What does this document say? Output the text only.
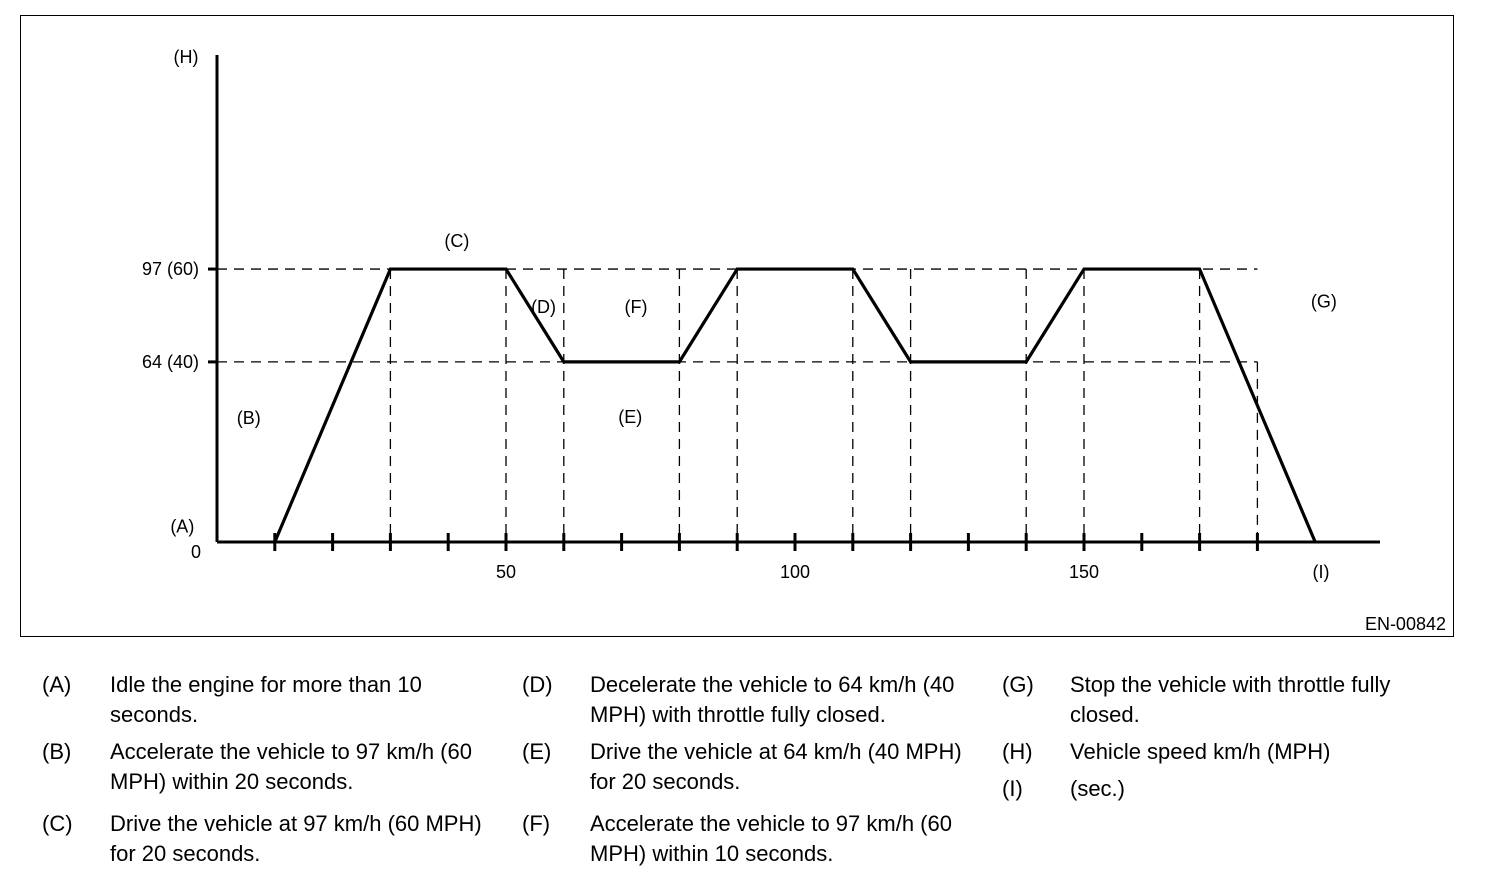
(H)
(I)
0
EN-00842
97 (60)
64 (40)
50	100	150
(A)
(B)
(C)
(D)
(E)
(F)	(G)
(A) Idle the engine for more than 10 seconds.
(B) Accelerate the vehicle to 97 km/h (60 MPH) within 20 seconds.
(C) Drive the vehicle at 97 km/h (60 MPH) for 20 seconds.
(D) Decelerate the vehicle to 64 km/h (40 MPH) with throttle fully closed.
(E) Drive the vehicle at 64 km/h (40 MPH) for 20 seconds.
(F) Accelerate the vehicle to 97 km/h (60 MPH) within 10 seconds.
(G) Stop the vehicle with throttle fully closed.
(H) Vehicle speed km/h (MPH)
(I) (sec.)
